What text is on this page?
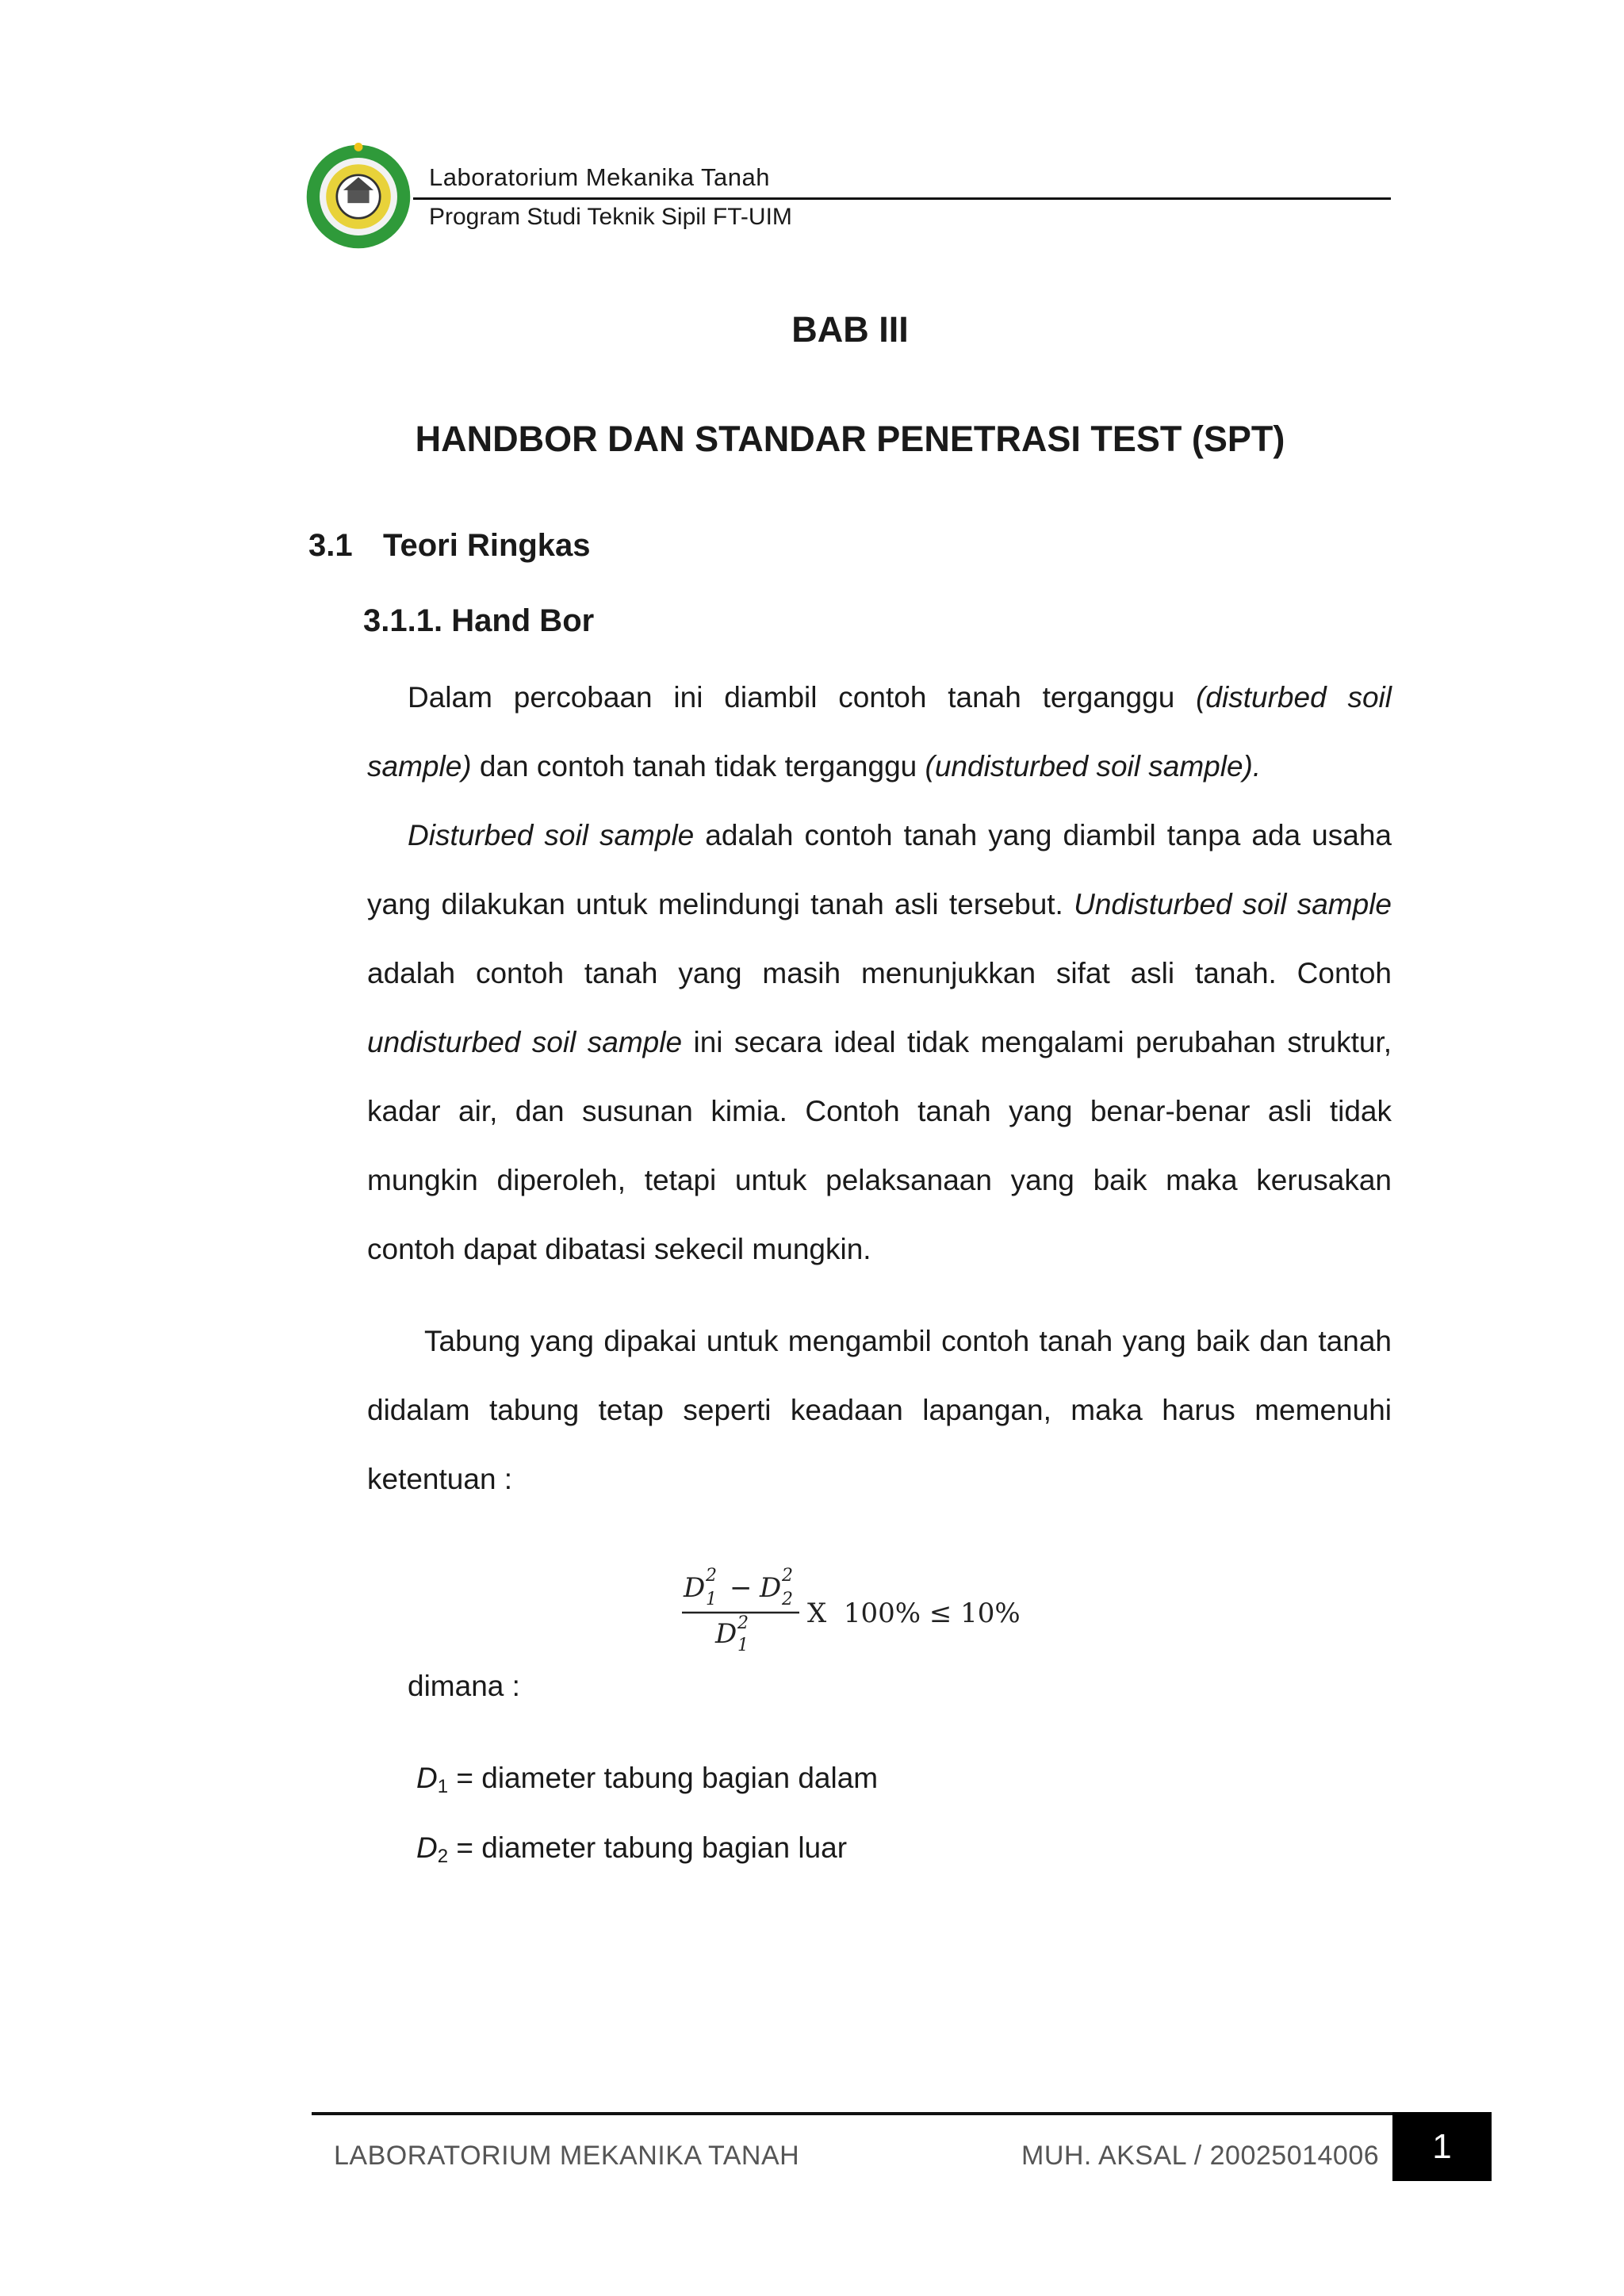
Laboratorium Mekanika Tanah
Program Studi Teknik Sipil FT-UIM
BAB III
HANDBOR DAN STANDAR PENETRASI TEST (SPT)
3.1 Teori Ringkas
3.1.1. Hand Bor

Dalam percobaan ini diambil contoh tanah terganggu (disturbed soil sample) dan contoh tanah tidak terganggu (undisturbed soil sample).

Disturbed soil sample adalah contoh tanah yang diambil tanpa ada usaha yang dilakukan untuk melindungi tanah asli tersebut. Undisturbed soil sample adalah contoh tanah yang masih menunjukkan sifat asli tanah. Contoh undisturbed soil sample ini secara ideal tidak mengalami perubahan struktur, kadar air, dan susunan kimia. Contoh tanah yang benar-benar asli tidak mungkin diperoleh, tetapi untuk pelaksanaan yang baik maka kerusakan contoh dapat dibatasi sekecil mungkin.

Tabung yang dipakai untuk mengambil contoh tanah yang baik dan tanah didalam tabung tetap seperti keadaan lapangan, maka harus memenuhi ketentuan :

D 2
1 − D 2
2
D 2
1
X  100% ≤ 10%
dimana :
$D_1$ = diameter tabung bagian dalam
$D_2$ = diameter tabung bagian luar
LABORATORIUM MEKANIKA TANAH	MUH. AKSAL / 20025014006	1
